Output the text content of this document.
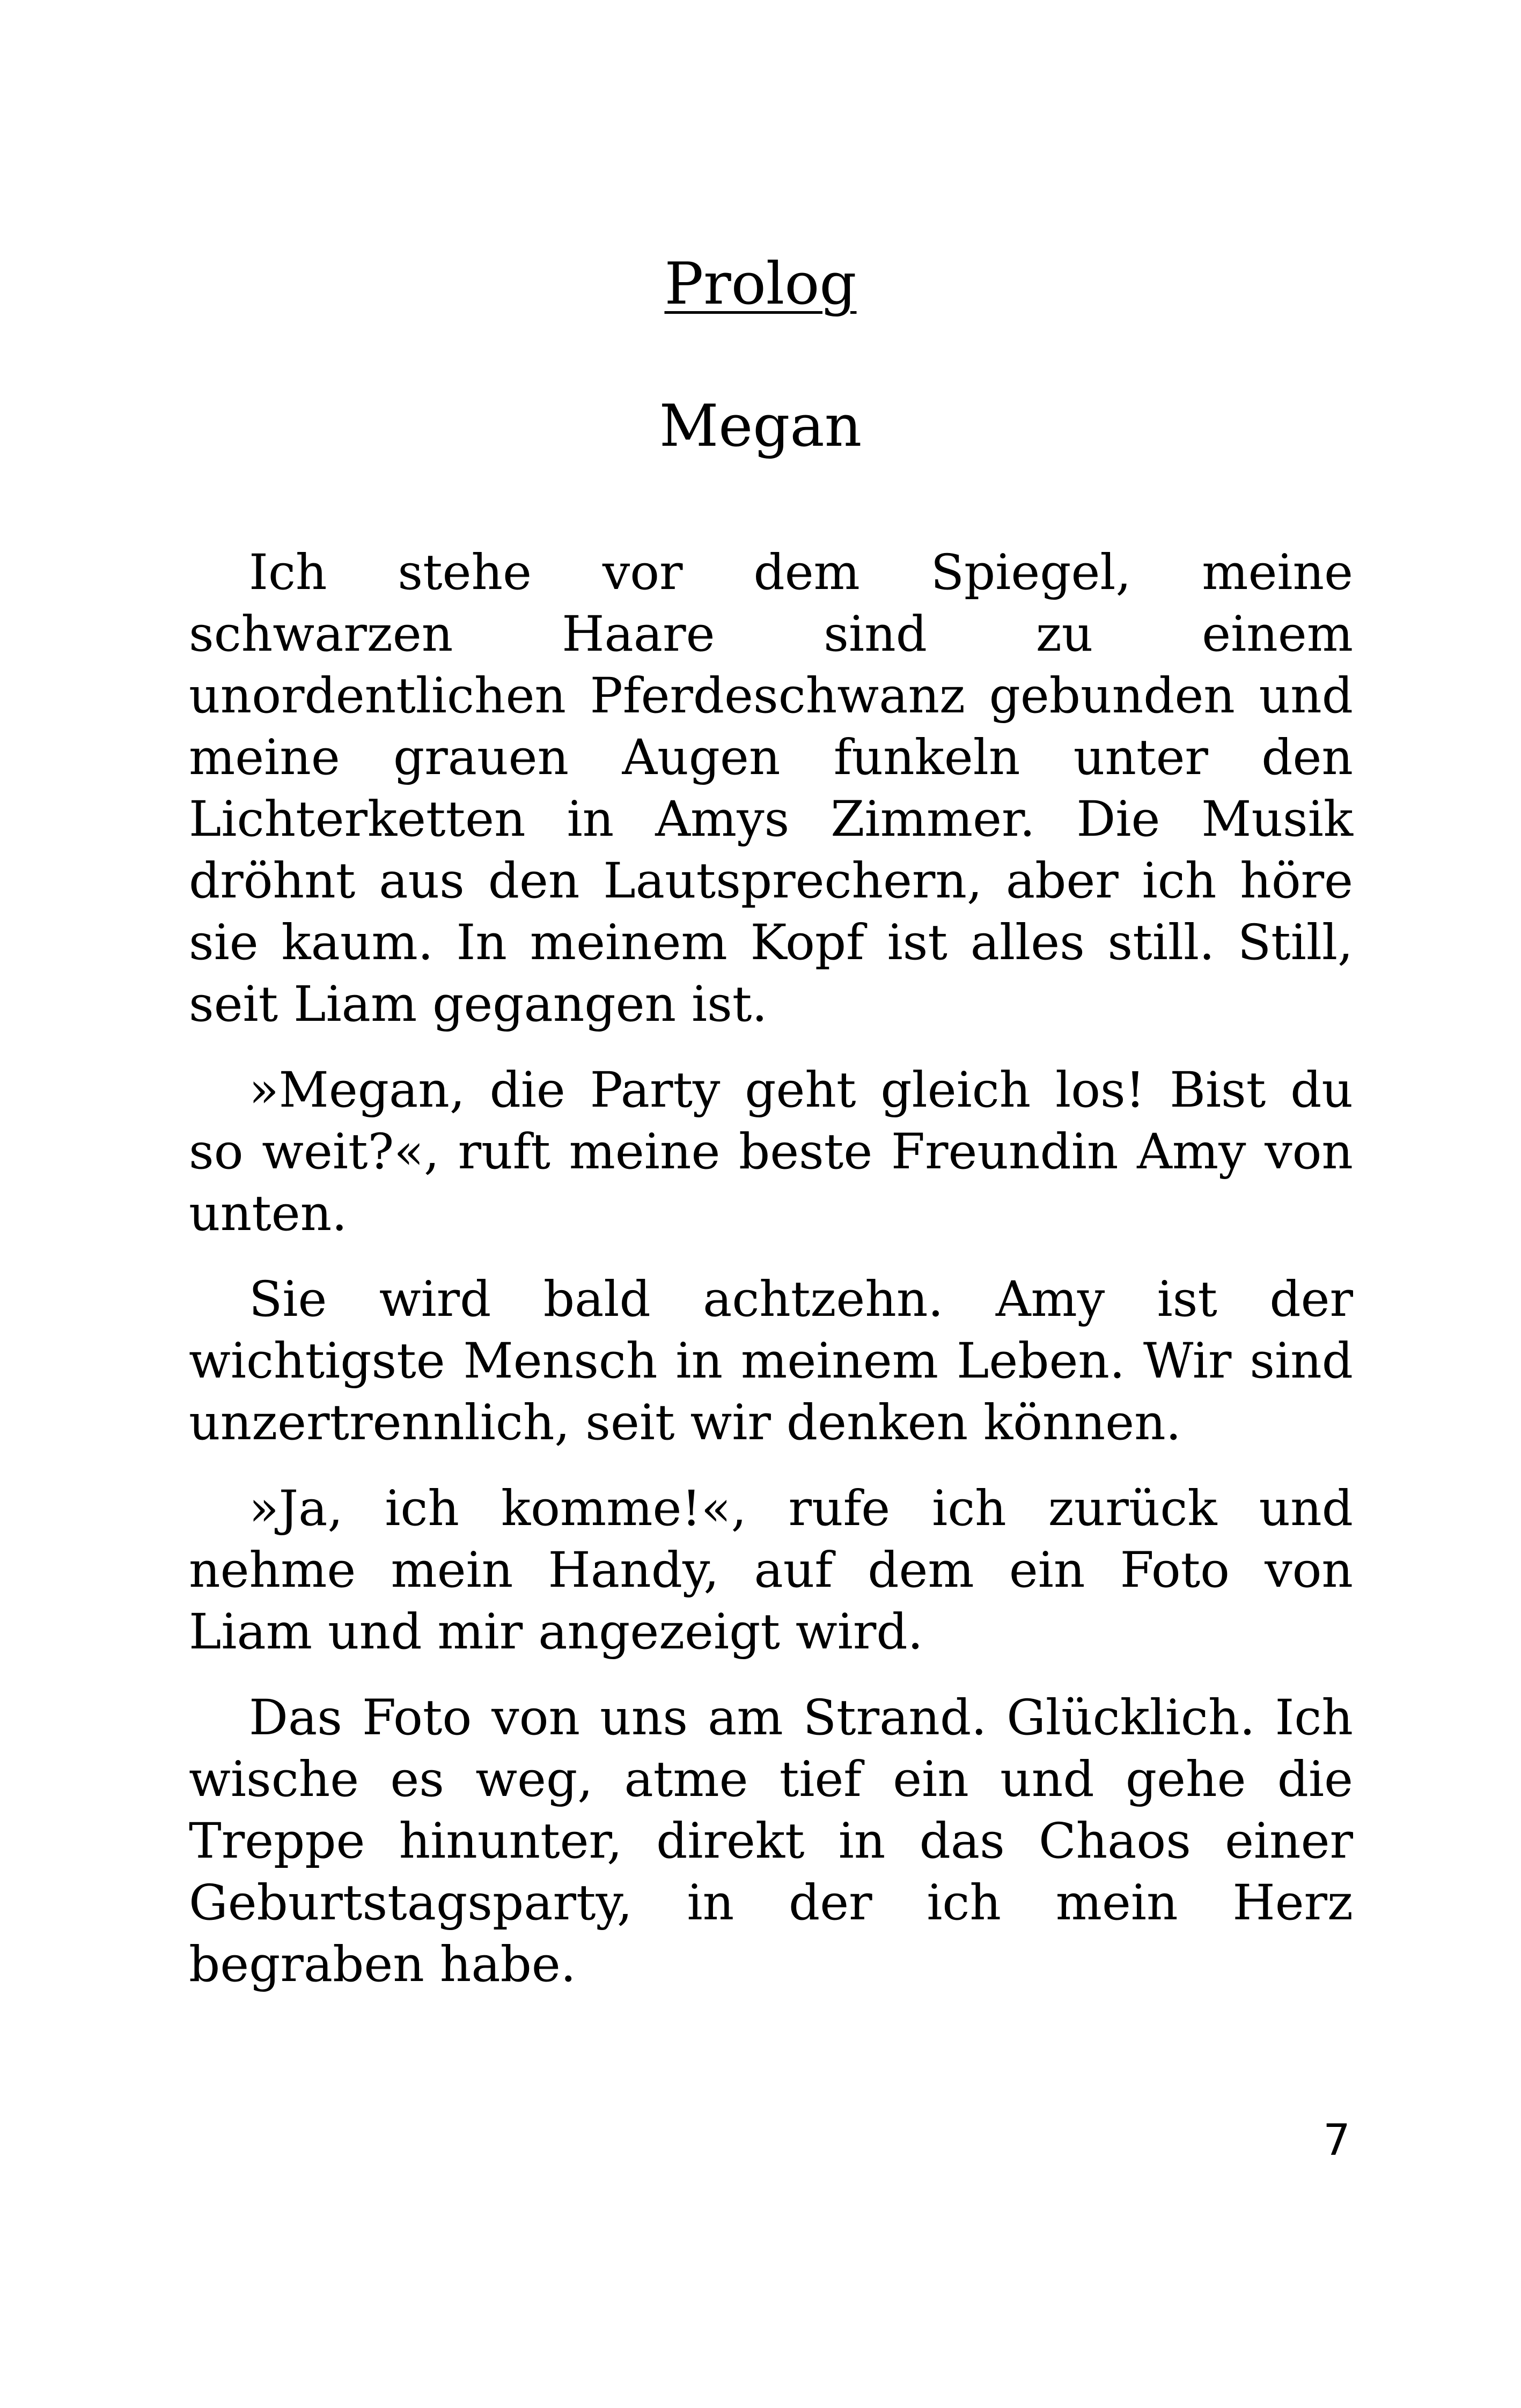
Prolog
Megan

Ich stehe vor dem Spiegel, meine schwarzen Haare sind zu einem unordentlichen Pferdeschwanz gebunden und meine grauen Augen funkeln unter den Lichterketten in Amys Zimmer. Die Musik dröhnt aus den Lautsprechern, aber ich höre sie kaum. In meinem Kopf ist alles still. Still, seit Liam gegangen ist.

»Megan, die Party geht gleich los! Bist du so weit?«, ruft meine beste Freundin Amy von unten.

Sie wird bald achtzehn. Amy ist der wichtigste Mensch in meinem Leben. Wir sind unzertrennlich, seit wir denken können.

»Ja, ich komme!«, rufe ich zurück und nehme mein Handy, auf dem ein Foto von Liam und mir angezeigt wird.

Das Foto von uns am Strand. Glücklich. Ich wische es weg, atme tief ein und gehe die Treppe hinunter, direkt in das Chaos einer Geburtstagsparty, in der ich mein Herz begraben habe.

7
